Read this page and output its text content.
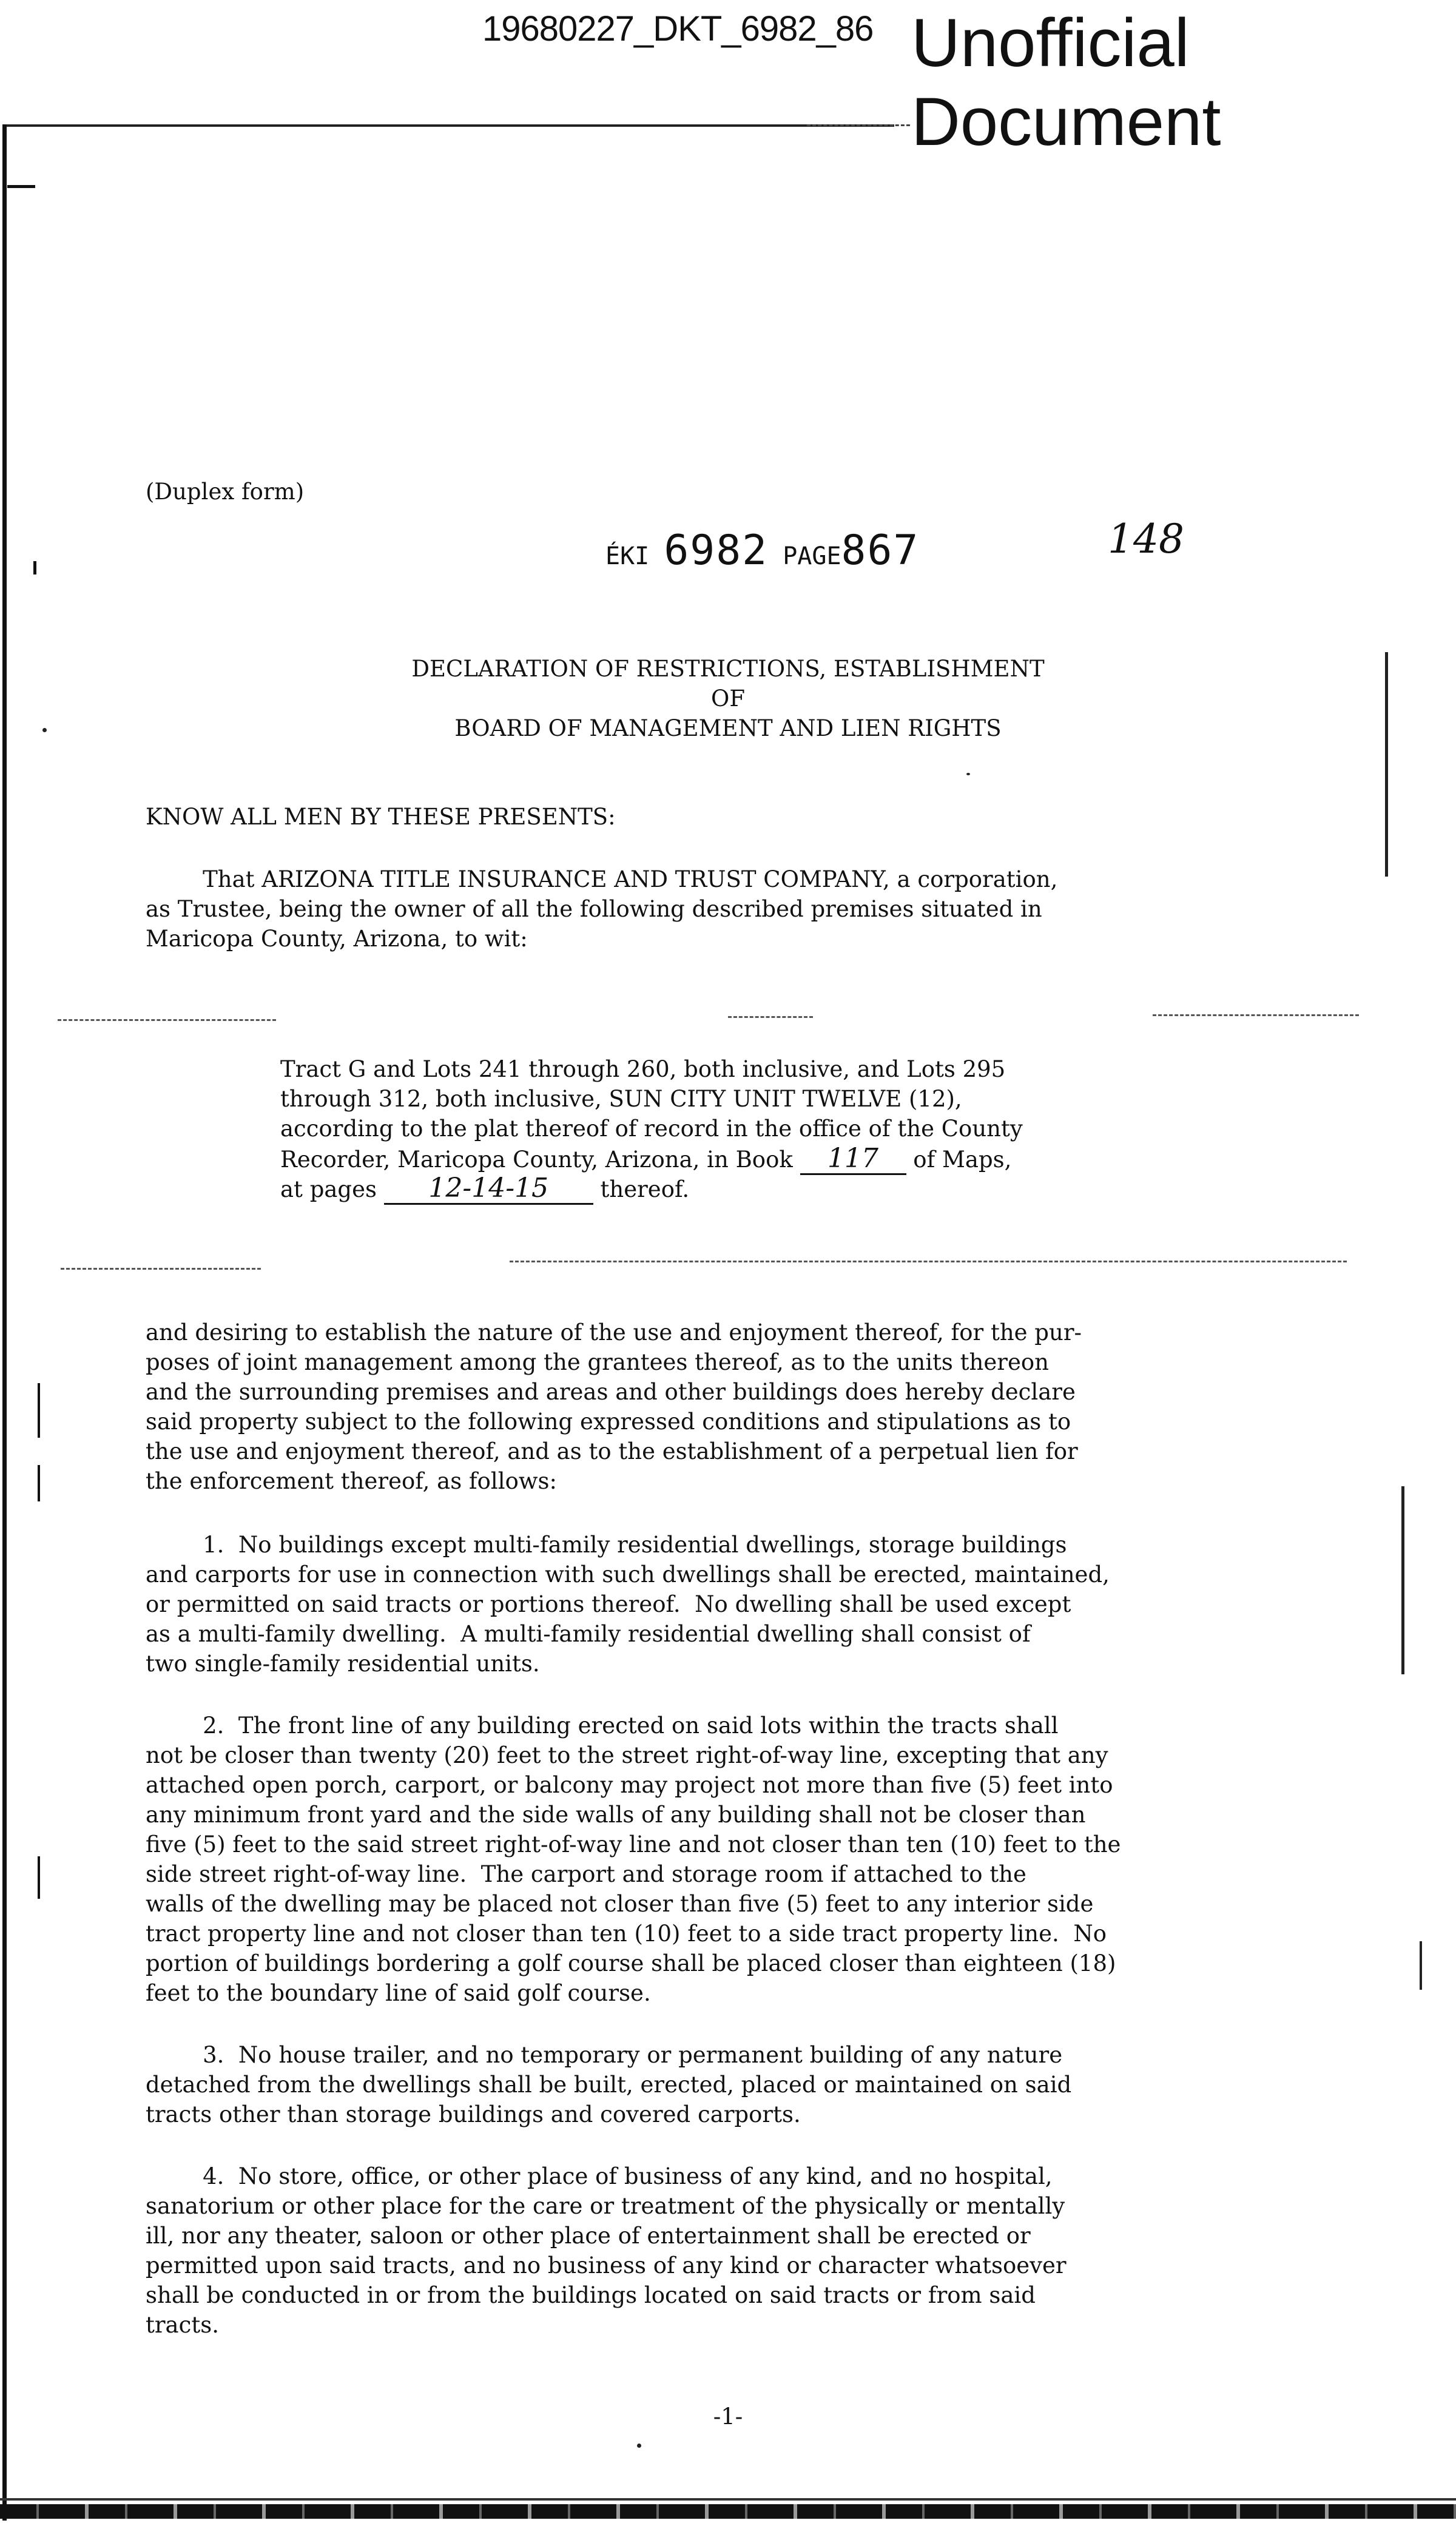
19680227_DKT_6982_86 Unofficial
Document
(Duplex form)
ÉKI 6982 PAGE867	148
DECLARATION OF RESTRICTIONS, ESTABLISHMENT
OF
BOARD OF MANAGEMENT AND LIEN RIGHTS
KNOW ALL MEN BY THESE PRESENTS:
That ARIZONA TITLE INSURANCE AND TRUST COMPANY, a corporation,
as Trustee, being the owner of all the following described premises situated in
Maricopa County, Arizona, to wit:
Tract G and Lots 241 through 260, both inclusive, and Lots 295
through 312, both inclusive, SUN CITY UNIT TWELVE (12),
according to the plat thereof of record in the office of the County
Recorder, Maricopa County, Arizona, in Book 117 of Maps,
at pages 12-14-15 thereof.
and desiring to establish the nature of the use and enjoyment thereof, for the pur-
poses of joint management among the grantees thereof, as to the units thereon
and the surrounding premises and areas and other buildings does hereby declare
said property subject to the following expressed conditions and stipulations as to
the use and enjoyment thereof, and as to the establishment of a perpetual lien for
the enforcement thereof, as follows:
1.  No buildings except multi-family residential dwellings, storage buildings
and carports for use in connection with such dwellings shall be erected, maintained,
or permitted on said tracts or portions thereof.  No dwelling shall be used except
as a multi-family dwelling.  A multi-family residential dwelling shall consist of
two single-family residential units.
2.  The front line of any building erected on said lots within the tracts shall
not be closer than twenty (20) feet to the street right-of-way line, excepting that any
attached open porch, carport, or balcony may project not more than five (5) feet into
any minimum front yard and the side walls of any building shall not be closer than
five (5) feet to the said street right-of-way line and not closer than ten (10) feet to the
side street right-of-way line.  The carport and storage room if attached to the
walls of the dwelling may be placed not closer than five (5) feet to any interior side
tract property line and not closer than ten (10) feet to a side tract property line.  No
portion of buildings bordering a golf course shall be placed closer than eighteen (18)
feet to the boundary line of said golf course.
3.  No house trailer, and no temporary or permanent building of any nature
detached from the dwellings shall be built, erected, placed or maintained on said
tracts other than storage buildings and covered carports.
4.  No store, office, or other place of business of any kind, and no hospital,
sanatorium or other place for the care or treatment of the physically or mentally
ill, nor any theater, saloon or other place of entertainment shall be erected or
permitted upon said tracts, and no business of any kind or character whatsoever
shall be conducted in or from the buildings located on said tracts or from said
tracts.
-1-
